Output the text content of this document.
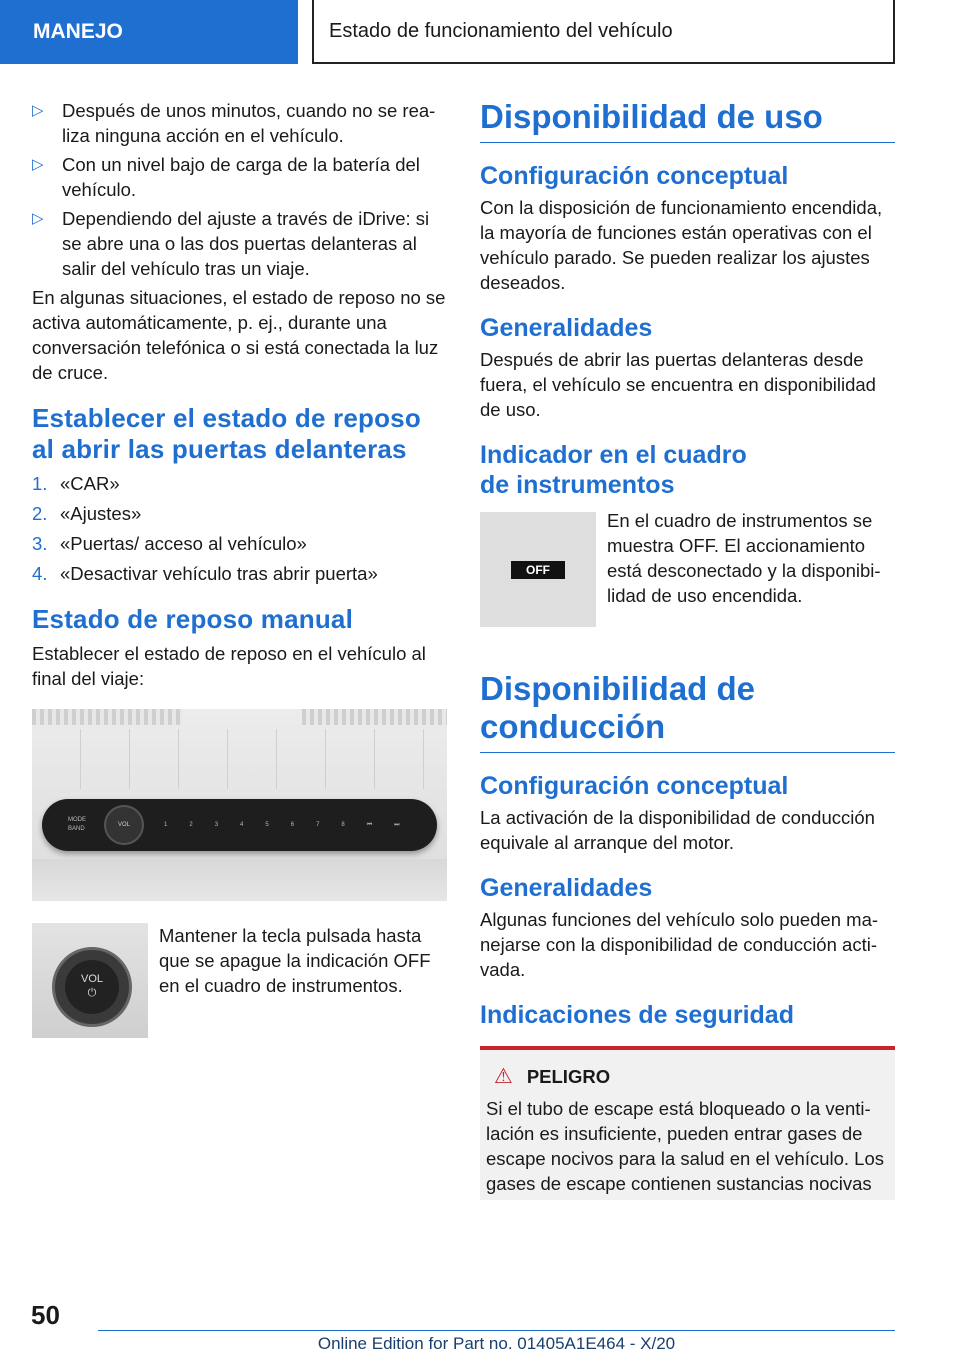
MANEJO	Estado de funcionamiento del vehículo
▷ Después de unos minutos, cuando no se realiza ninguna acción en el vehículo.
▷ Con un nivel bajo de carga de la batería del vehículo.
▷ Dependiendo del ajuste a través de iDrive: si se abre una o las dos puertas delanteras al salir del vehículo tras un viaje.

En algunas situaciones, el estado de reposo no se activa automáticamente, p. ej., durante una conversación telefónica o si está conectada la luz de cruce.

Establecer el estado de reposo al abrir las puertas delanteras
1. «CAR»
2. «Ajustes»
3. «Puertas/ acceso al vehículo»
4. «Desactivar vehículo tras abrir puerta»
Estado de reposo manual

Establecer el estado de reposo en el vehículo al final del viaje:

MODE
BAND
VOL	1	2	3	4	5	6	7	8	⏮	⏭
VOL
⏻

Mantener la tecla pulsada hasta que se apague la indicación OFF en el cuadro de instrumentos.

Disponibilidad de uso
Configuración conceptual

Con la disposición de funcionamiento encendida, la mayoría de funciones están operativas con el vehículo parado. Se pueden realizar los ajustes deseados.

Generalidades

Después de abrir las puertas delanteras desde fuera, el vehículo se encuentra en disponibilidad de uso.

Indicador en el cuadro de instrumentos
OFF

En el cuadro de instrumentos se muestra OFF. El accionamiento está desconectado y la disponibilidad de uso encendida.

Disponibilidad de conducción
Configuración conceptual

La activación de la disponibilidad de conducción equivale al arranque del motor.

Generalidades

Algunas funciones del vehículo solo pueden manejarse con la disponibilidad de conducción activada.

Indicaciones de seguridad
⚠ PELIGRO

Si el tubo de escape está bloqueado o la ventilación es insuficiente, pueden entrar gases de escape nocivos para la salud en el vehículo. Los gases de escape contienen sustancias nocivas

50
Online Edition for Part no. 01405A1E464 - X/20
